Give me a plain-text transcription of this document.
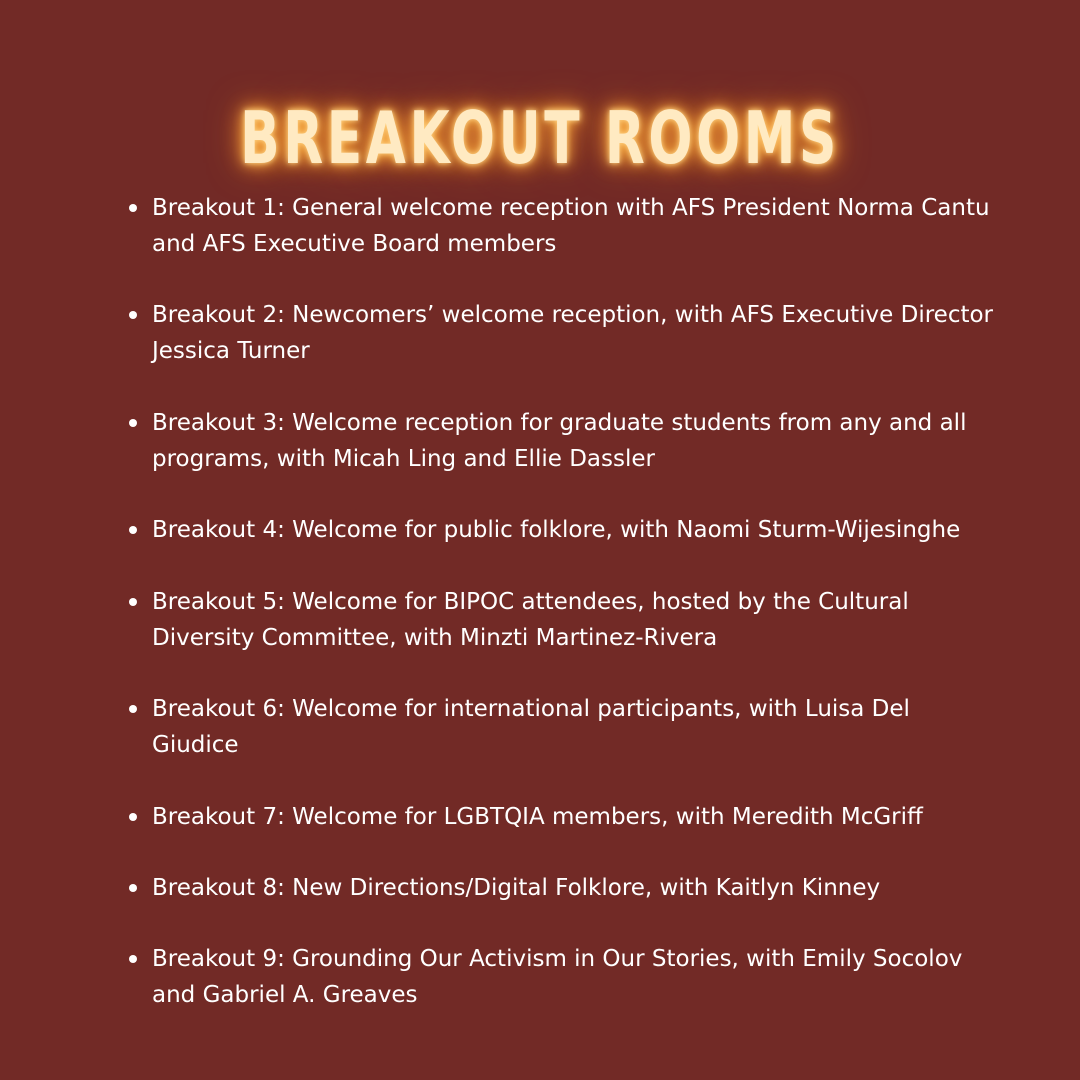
BREAKOUT ROOMS
Breakout 1: General welcome reception with AFS President Norma Cantu and AFS Executive Board members
Breakout 2: Newcomers’ welcome reception, with AFS Executive Director Jessica Turner
Breakout 3: Welcome reception for graduate students from any and all programs, with Micah Ling and Ellie Dassler
Breakout 4: Welcome for public folklore, with Naomi Sturm-Wijesinghe
Breakout 5: Welcome for BIPOC attendees, hosted by the Cultural Diversity Committee, with Minzti Martinez-Rivera
Breakout 6: Welcome for international participants, with Luisa Del Giudice
Breakout 7: Welcome for LGBTQIA members, with Meredith McGriff
Breakout 8: New Directions/Digital Folklore, with Kaitlyn Kinney
Breakout 9: Grounding Our Activism in Our Stories, with Emily Socolov and Gabriel A. Greaves
